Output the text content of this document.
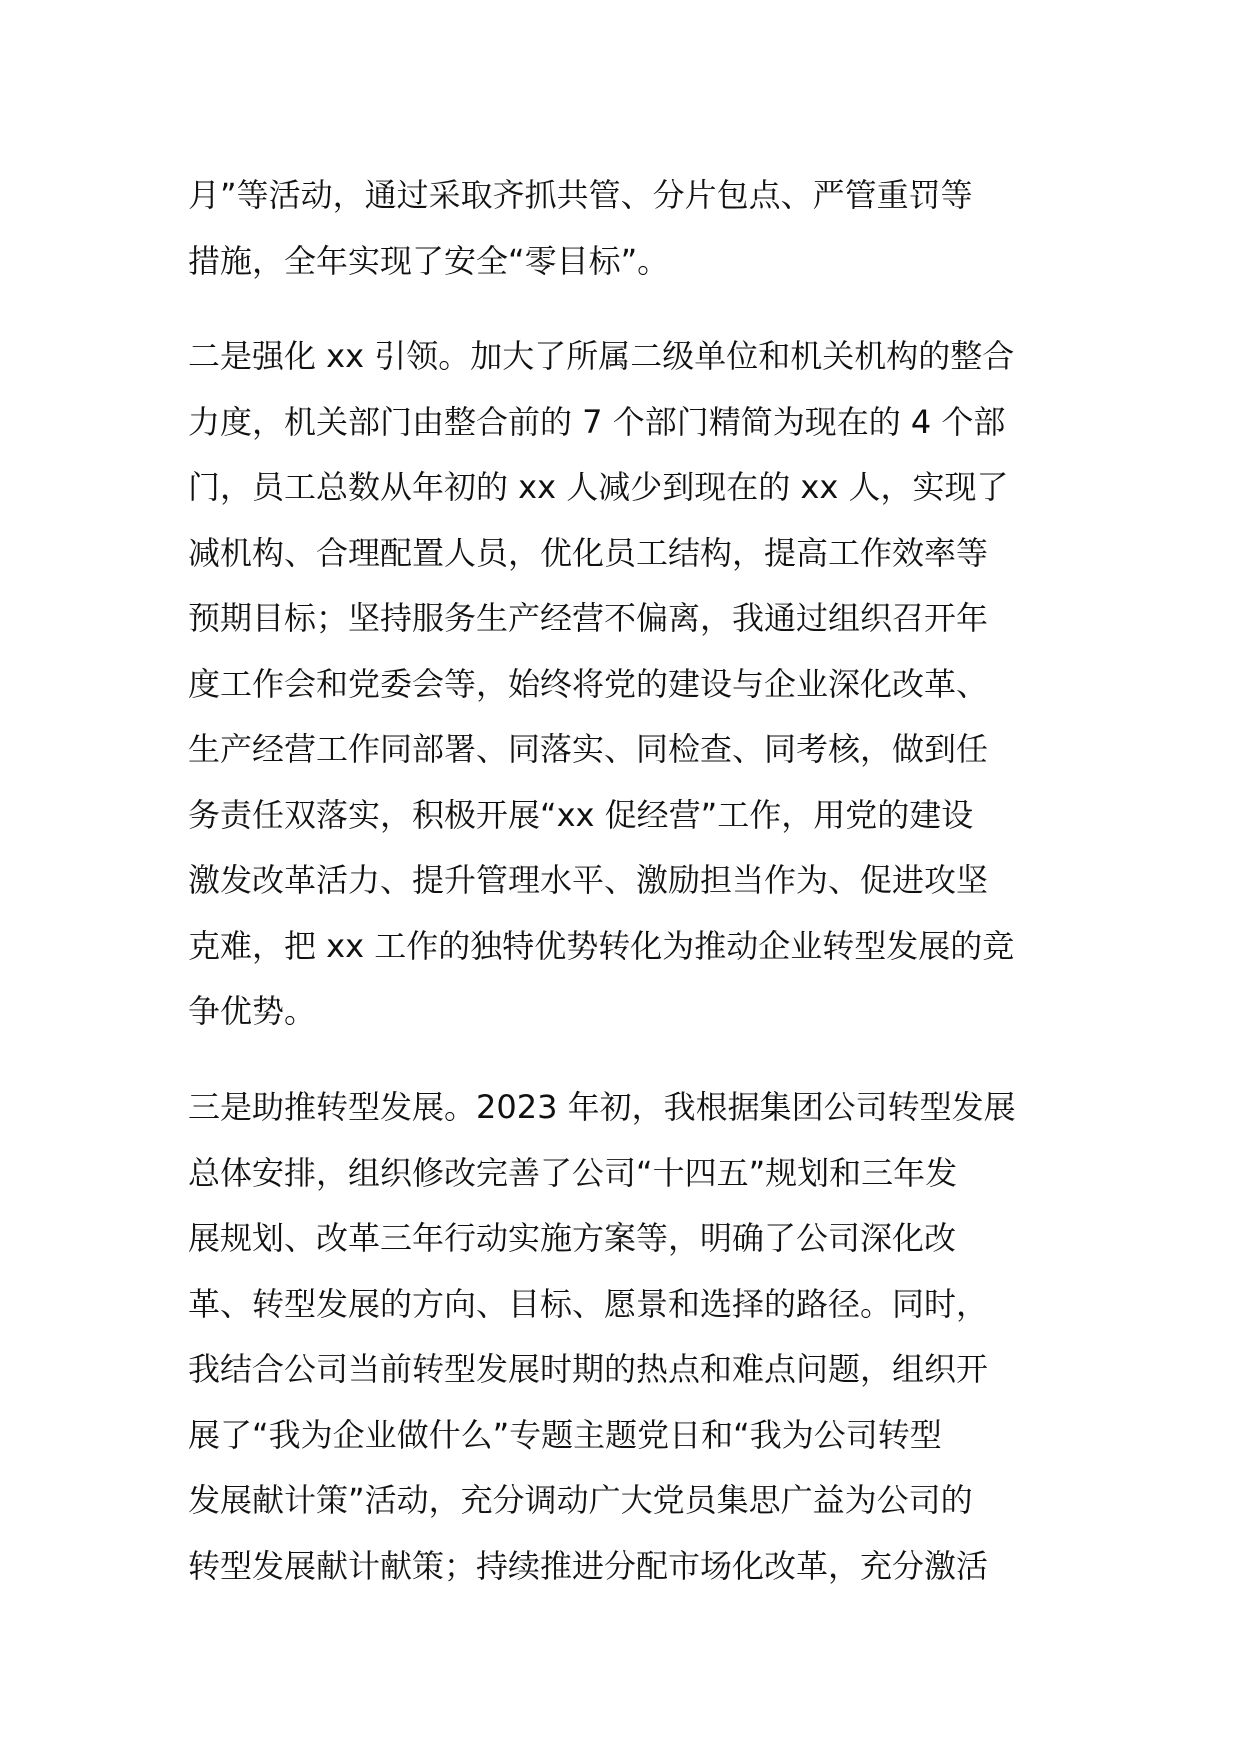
月”等活动，通过采取齐抓共管、分片包点、严管重罚等
措施，全年实现了安全“零目标”。
二是强化 xx 引领。加大了所属二级单位和机关机构的整合
力度，机关部门由整合前的 7 个部门精简为现在的 4 个部
门，员工总数从年初的 xx 人减少到现在的 xx 人，实现了
减机构、合理配置人员，优化员工结构，提高工作效率等
预期目标；坚持服务生产经营不偏离，我通过组织召开年
度工作会和党委会等，始终将党的建设与企业深化改革、
生产经营工作同部署、同落实、同检查、同考核，做到任
务责任双落实，积极开展“xx 促经营”工作，用党的建设
激发改革活力、提升管理水平、激励担当作为、促进攻坚
克难，把 xx 工作的独特优势转化为推动企业转型发展的竞
争优势。
三是助推转型发展。2023 年初，我根据集团公司转型发展
总体安排，组织修改完善了公司“十四五”规划和三年发
展规划、改革三年行动实施方案等，明确了公司深化改
革、转型发展的方向、目标、愿景和选择的路径。同时，
我结合公司当前转型发展时期的热点和难点问题，组织开
展了“我为企业做什么”专题主题党日和“我为公司转型
发展献计策”活动，充分调动广大党员集思广益为公司的
转型发展献计献策；持续推进分配市场化改革，充分激活
